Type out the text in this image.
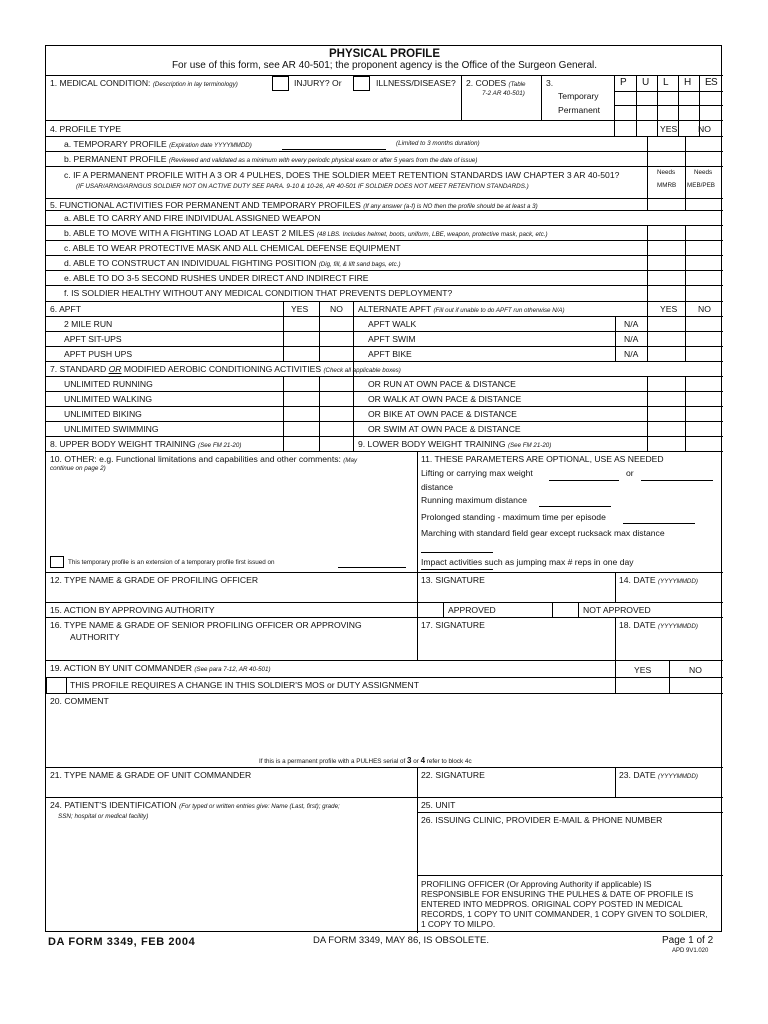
PHYSICAL PROFILE
For use of this form, see AR 40-501; the proponent agency is the Office of the Surgeon General.
1. MEDICAL CONDITION: (Description in lay terminology)	INJURY? Or	ILLNESS/DISEASE? 2. CODES (Table
7-2 AR 40-501)
3.
Temporary
Permanent
P U L H E S
4. PROFILE TYPE	YES NO
a. TEMPORARY PROFILE (Expiration date YYYYMMDD)	(Limited to 3 months duration)
b. PERMANENT PROFILE (Reviewed and validated as a minimum with every periodic physical exam or after 5 years from the date of issue)
c. IF A PERMANENT PROFILE WITH A 3 OR 4 PULHES, DOES THE SOLDIER MEET RETENTION STANDARDS IAW CHAPTER 3 AR 40-501?
(IF USAR/ARNG/ARNGUS SOLDIER NOT ON ACTIVE DUTY SEE PARA. 9-10 & 10-26, AR 40-501 IF SOLDIER DOES NOT MEET RETENTION STANDARDS.)
Needs
MMRB
Needs
MEB/PEB
5. FUNCTIONAL ACTIVITIES FOR PERMANENT AND TEMPORARY PROFILES (If any answer (a-f) is NO then the profile should be at least a 3)
a. ABLE TO CARRY AND FIRE INDIVIDUAL ASSIGNED WEAPON
b. ABLE TO MOVE WITH A FIGHTING LOAD AT LEAST 2 MILES (48 LBS. Includes helmet, boots, uniform, LBE, weapon, protective mask, pack, etc.)
c. ABLE TO WEAR PROTECTIVE MASK AND ALL CHEMICAL DEFENSE EQUIPMENT
d. ABLE TO CONSTRUCT AN INDIVIDUAL FIGHTING POSITION (Dig, fill, & lift sand bags, etc.)
e. ABLE TO DO 3-5 SECOND RUSHES UNDER DIRECT AND INDIRECT FIRE
f. IS SOLDIER HEALTHY WITHOUT ANY MEDICAL CONDITION THAT PREVENTS DEPLOYMENT?
6. APFT	YES	NO ALTERNATE APFT (Fill out if unable to do APFT run otherwise N/A)	YES NO
2 MILE RUN	APFT WALK	N/A
APFT SIT-UPS	APFT SWIM	N/A
APFT PUSH UPS	APFT BIKE	N/A
7. STANDARD OR MODIFIED AEROBIC CONDITIONING ACTIVITIES (Check all applicable boxes)
UNLIMITED RUNNING	OR RUN AT OWN PACE & DISTANCE
UNLIMITED WALKING	OR WALK AT OWN PACE & DISTANCE
UNLIMITED BIKING	OR BIKE AT OWN PACE & DISTANCE
UNLIMITED SWIMMING	OR SWIM AT OWN PACE & DISTANCE
8. UPPER BODY WEIGHT TRAINING (See FM 21-20)	9. LOWER BODY WEIGHT TRAINING (See FM 21-20)
10. OTHER: e.g. Functional limitations and capabilities and other comments: (May
continue on page 2)
This temporary profile is an extension of a temporary profile first issued on
11. THESE PARAMETERS ARE OPTIONAL, USE AS NEEDED
Lifting or carrying max weight	or
distance
Running maximum distance
Prolonged standing - maximum time per episode
Marching with standard field gear except rucksack max distance
Impact activities such as jumping max # reps in one day
12. TYPE NAME & GRADE OF PROFILING OFFICER	13. SIGNATURE	14. DATE (YYYYMMDD)
15. ACTION BY APPROVING AUTHORITY	APPROVED	NOT APPROVED
16. TYPE NAME & GRADE OF SENIOR PROFILING OFFICER OR APPROVING
AUTHORITY
17. SIGNATURE	18. DATE (YYYYMMDD)
19. ACTION BY UNIT COMMANDER (See para 7-12, AR 40-501)	YES	NO
THIS PROFILE REQUIRES A CHANGE IN THIS SOLDIER'S MOS or DUTY ASSIGNMENT
20. COMMENT
If this is a permanent profile with a PULHES serial of 3 or 4 refer to block 4c
21. TYPE NAME & GRADE OF UNIT COMMANDER	22. SIGNATURE	23. DATE (YYYYMMDD)
24. PATIENT'S IDENTIFICATION (For typed or written entries give: Name (Last, first); grade;
SSN; hospital or medical facility)
25. UNIT
26. ISSUING CLINIC, PROVIDER E-MAIL & PHONE NUMBER
PROFILING OFFICER (Or Approving Authority if applicable) IS RESPONSIBLE FOR ENSURING THE PULHES & DATE OF PROFILE IS ENTERED INTO MEDPROS. ORIGINAL COPY POSTED IN MEDICAL RECORDS, 1 COPY TO UNIT COMMANDER, 1 COPY GIVEN TO SOLDIER, 1 COPY TO MILPO.
DA FORM 3349, FEB 2004	DA FORM 3349, MAY 86, IS OBSOLETE.	Page 1 of 2
APD 9V1.020
